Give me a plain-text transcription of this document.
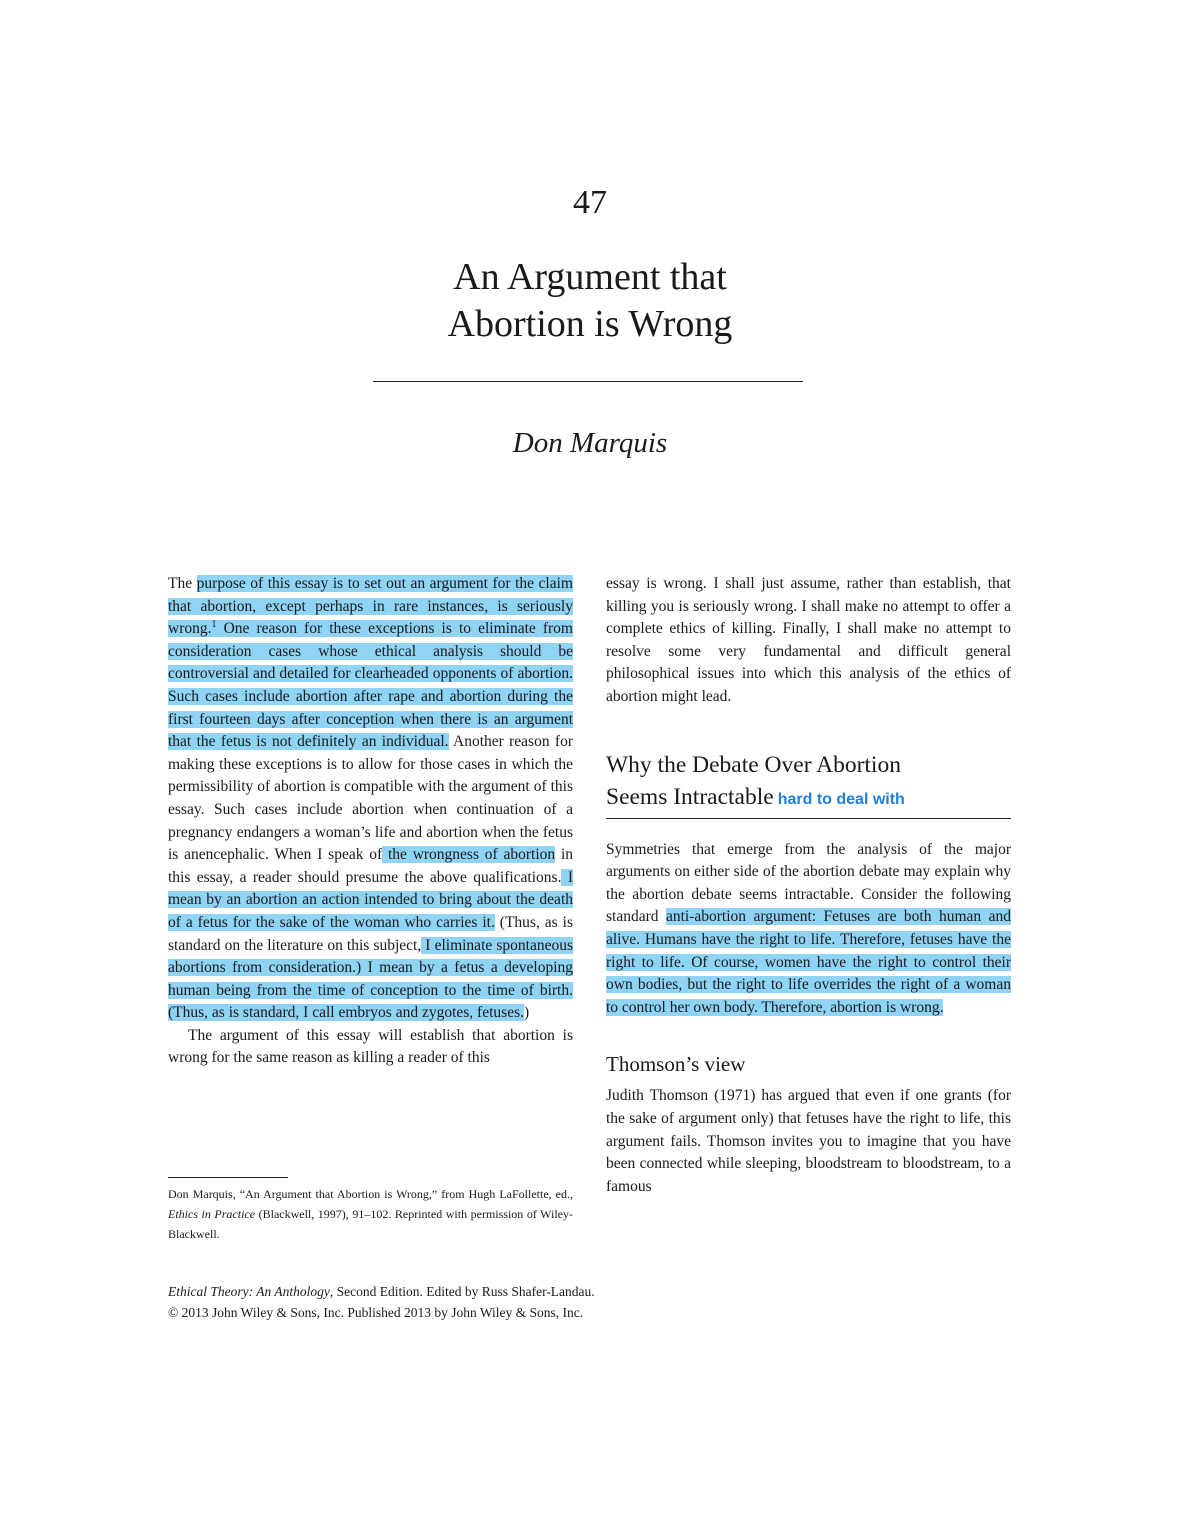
47
An Argument that
Abortion is Wrong
Don Marquis

The purpose of this essay is to set out an argument for the claim that abortion, except perhaps in rare instances, is seriously wrong.$^1$ One reason for these exceptions is to eliminate from consideration cases whose ethical analysis should be controversial and detailed for clearheaded opponents of abortion. Such cases include abortion after rape and abortion during the first fourteen days after conception when there is an argument that the fetus is not definitely an individual. Another reason for making these exceptions is to allow for those cases in which the permissibility of abortion is compatible with the argument of this essay. Such cases include abortion when continuation of a pregnancy endangers a woman’s life and abortion when the fetus is anencephalic. When I speak of the wrongness of abortion in this essay, a reader should presume the above qualifications. I mean by an abortion an action intended to bring about the death of a fetus for the sake of the woman who carries it. (Thus, as is standard on the literature on this subject, I eliminate spontaneous abortions from consideration.) I mean by a fetus a developing human being from the time of conception to the time of birth. (Thus, as is standard, I call embryos and zygotes, fetuses.)

The argument of this essay will establish that abortion is wrong for the same reason as killing a reader of this

Don Marquis, “An Argument that Abortion is Wrong,” from Hugh LaFollette, ed., Ethics in Practice (Blackwell, 1997), 91–102. Reprinted with permission of Wiley-Blackwell.

essay is wrong. I shall just assume, rather than establish, that killing you is seriously wrong. I shall make no attempt to offer a complete ethics of killing. Finally, I shall make no attempt to resolve some very fundamental and difficult general philosophical issues into which this analysis of the ethics of abortion might lead.

Why the Debate Over Abortion
Seems Intractable hard to deal with

Symmetries that emerge from the analysis of the major arguments on either side of the abortion debate may explain why the abortion debate seems intractable. Consider the following standard anti-abortion argument: Fetuses are both human and alive. Humans have the right to life. Therefore, fetuses have the right to life. Of course, women have the right to control their own bodies, but the right to life overrides the right of a woman to control her own body. Therefore, abortion is wrong.

Thomson’s view

Judith Thomson (1971) has argued that even if one grants (for the sake of argument only) that fetuses have the right to life, this argument fails. Thomson invites you to imagine that you have been connected while sleeping, bloodstream to bloodstream, to a famous

Ethical Theory: An Anthology, Second Edition. Edited by Russ Shafer-Landau.
© 2013 John Wiley & Sons, Inc. Published 2013 by John Wiley & Sons, Inc.
